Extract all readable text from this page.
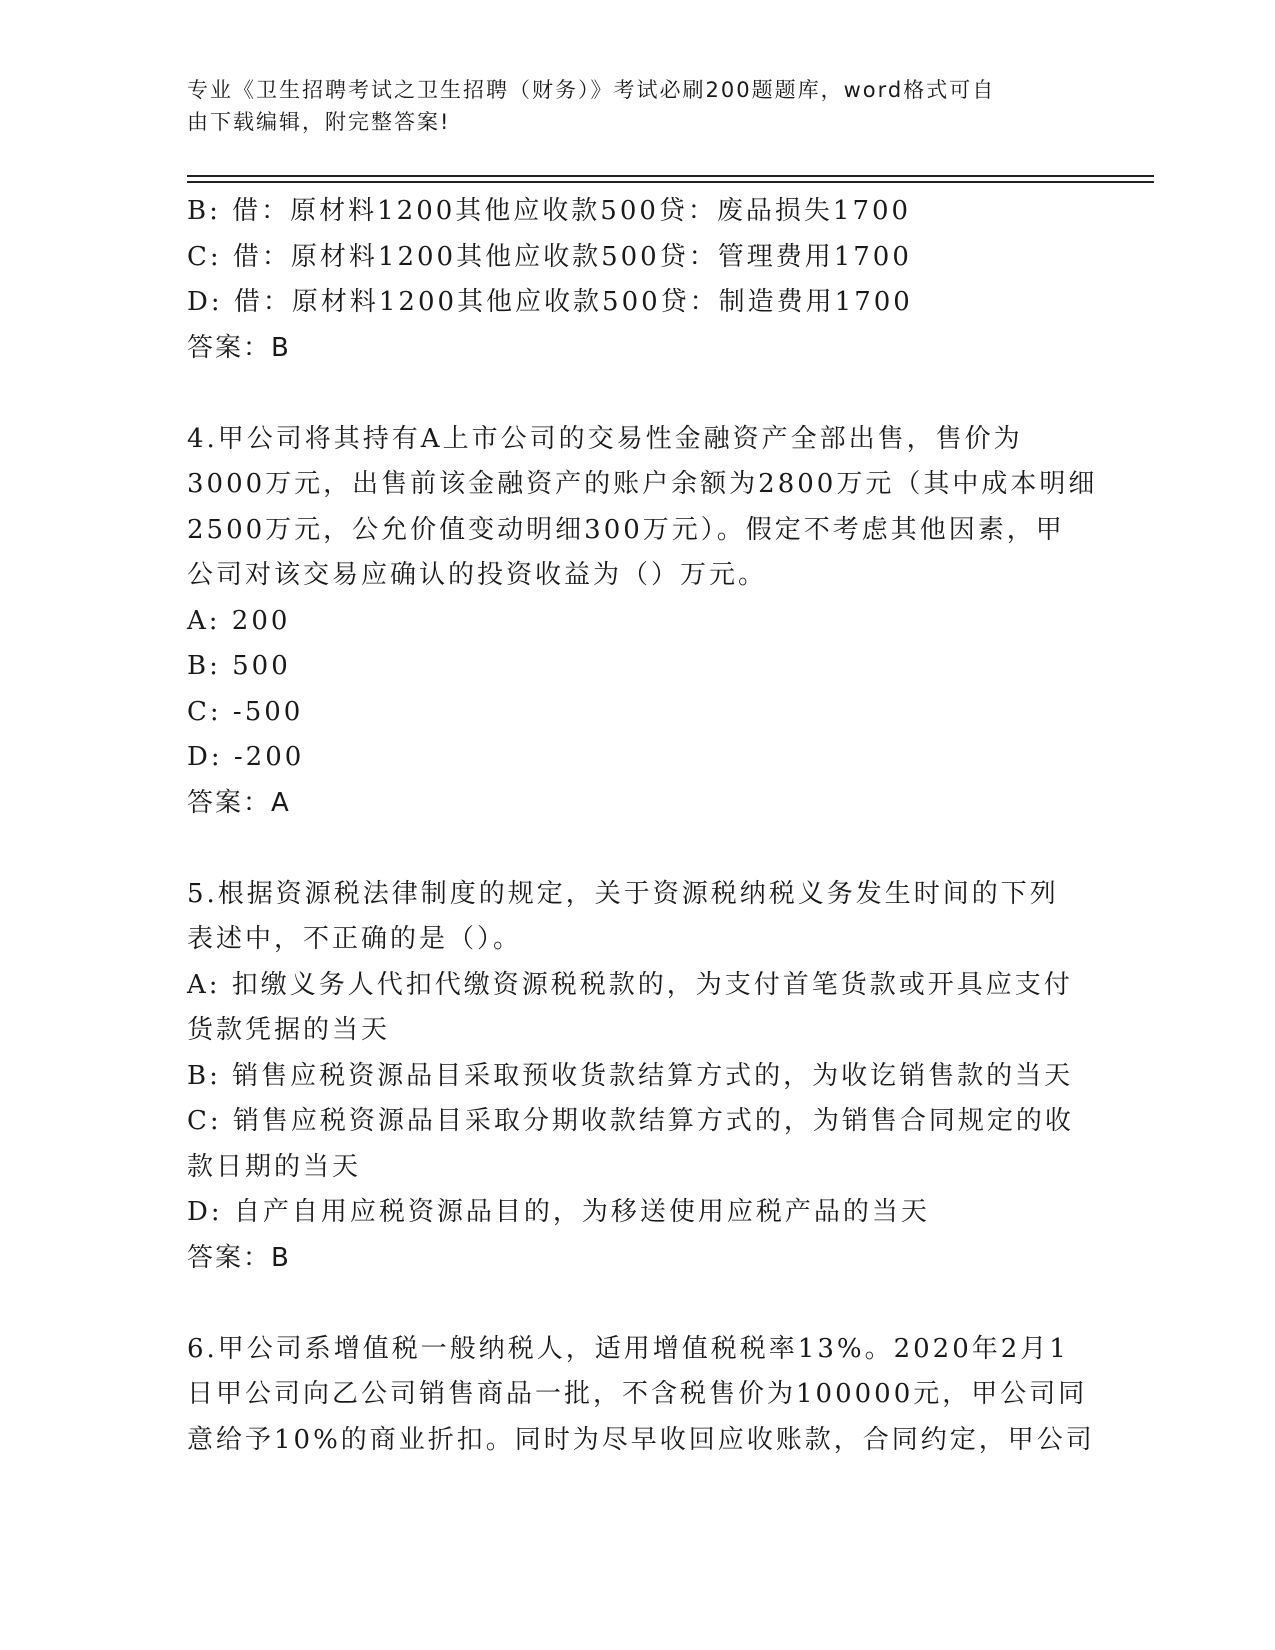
专业《卫生招聘考试之卫生招聘（财务）》考试必刷200题题库，word格式可自
由下载编辑，附完整答案!
B: 借：原材料1200其他应收款500贷：废品损失1700
C: 借：原材料1200其他应收款500贷：管理费用1700
D: 借：原材料1200其他应收款500贷：制造费用1700
答案：B
4.甲公司将其持有A上市公司的交易性金融资产全部出售，售价为
3000万元，出售前该金融资产的账户余额为2800万元（其中成本明细
2500万元，公允价值变动明细300万元）。假定不考虑其他因素，甲
公司对该交易应确认的投资收益为（）万元。
A: 200
B: 500
C: -500
D: -200
答案：A
5.根据资源税法律制度的规定，关于资源税纳税义务发生时间的下列
表述中，不正确的是（）。
A: 扣缴义务人代扣代缴资源税税款的，为支付首笔货款或开具应支付
货款凭据的当天
B: 销售应税资源品目采取预收货款结算方式的，为收讫销售款的当天
C: 销售应税资源品目采取分期收款结算方式的，为销售合同规定的收
款日期的当天
D: 自产自用应税资源品目的，为移送使用应税产品的当天
答案：B
6.甲公司系增值税一般纳税人，适用增值税税率13%。2020年2月1
日甲公司向乙公司销售商品一批，不含税售价为100000元，甲公司同
意给予10%的商业折扣。同时为尽早收回应收账款，合同约定，甲公司
